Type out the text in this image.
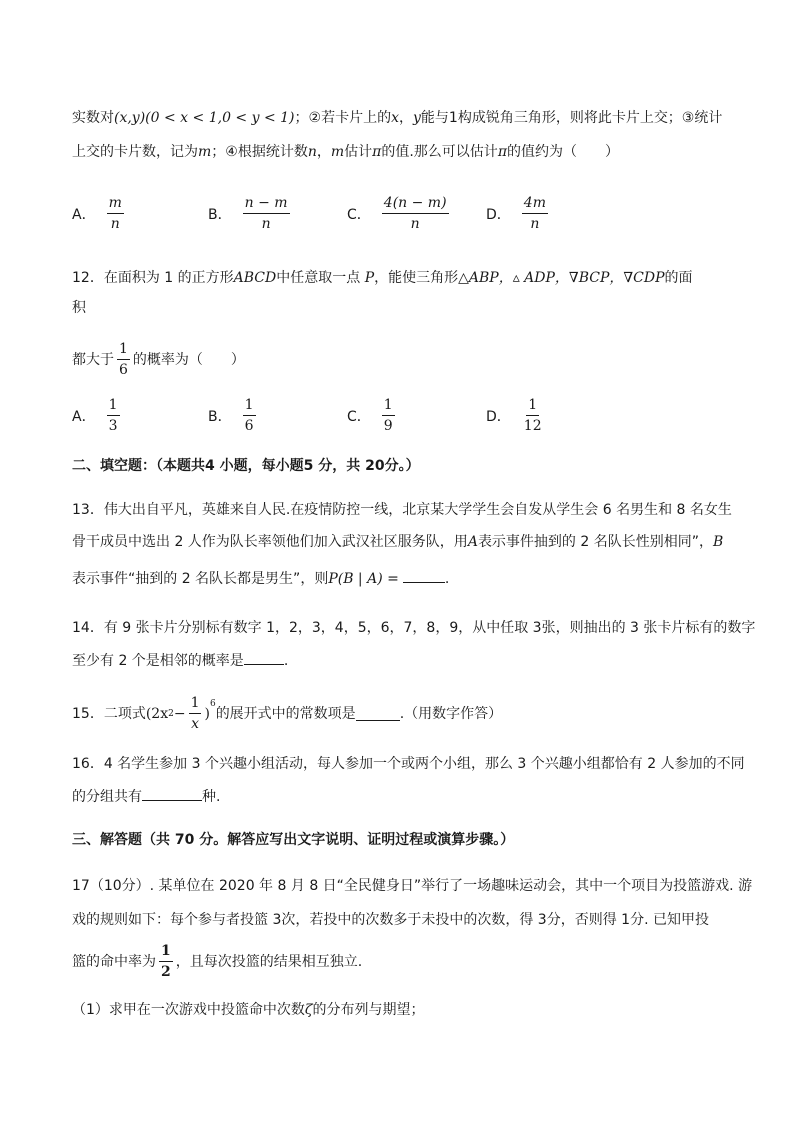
实数对(x,y)(0 < x < 1,0 < y < 1)；②若卡片上的x，y能与1构成锐角三角形，则将此卡片上交；③统计
上交的卡片数，记为m；④根据统计数n，m估计π的值.那么可以估计π的值约为（　　）
A． $\frac{m}{n}$	B． $\frac{n - m}{n}$	C． $\frac{4(n - m)}{n}$	D． $\frac{4m}{n}$
12．在面积为 1 的正方形ABCD中任意取一点 P，能使三角形△ABP，▵ ADP，∇BCP，∇CDP的面
积
都大于 $\frac{1}{6}$ 的概率为（　　）
A． $\frac{1}{3}$	B． $\frac{1}{6}$	C． $\frac{1}{9}$	D． $\frac{1}{12}$
二、填空题：（本题共4 小题，每小题5 分，共 20分。）
13．伟大出自平凡，英雄来自人民.在疫情防控一线，北京某大学学生会自发从学生会 6 名男生和 8 名女生
骨干成员中选出 2 人作为队长率领他们加入武汉社区服务队，用A表示事件抽到的 2 名队长性别相同”，B
表示事件“抽到的 2 名队长都是男生”，则P(B | A) =	.
14．有 9 张卡片分别标有数字 1，2，3，4，5，6，7，8，9，从中任取 3张，则抽出的 3 张卡片标有的数字
至少有 2 个是相邻的概率是	.
15．二项式 (2x $2 - \frac{1}{x}$ )
$^6$
的展开式中的常数项是	.（用数字作答）
16．4 名学生参加 3 个兴趣小组活动，每人参加一个或两个小组，那么 3 个兴趣小组都恰有 2 人参加的不同
的分组共有	种.
三、解答题（共 70 分。解答应写出文字说明、证明过程或演算步骤。）
17（10分）. 某单位在 2020 年 8 月 8 日“全民健身日”举行了一场趣味运动会，其中一个项目为投篮游戏. 游
戏的规则如下：每个参与者投篮 3次，若投中的次数多于未投中的次数，得 3分，否则得 1分. 已知甲投
篮的命中率为 $\frac{1}{2}$ ，且每次投篮的结果相互独立.
（1）求甲在一次游戏中投篮命中次数ζ的分布列与期望；
